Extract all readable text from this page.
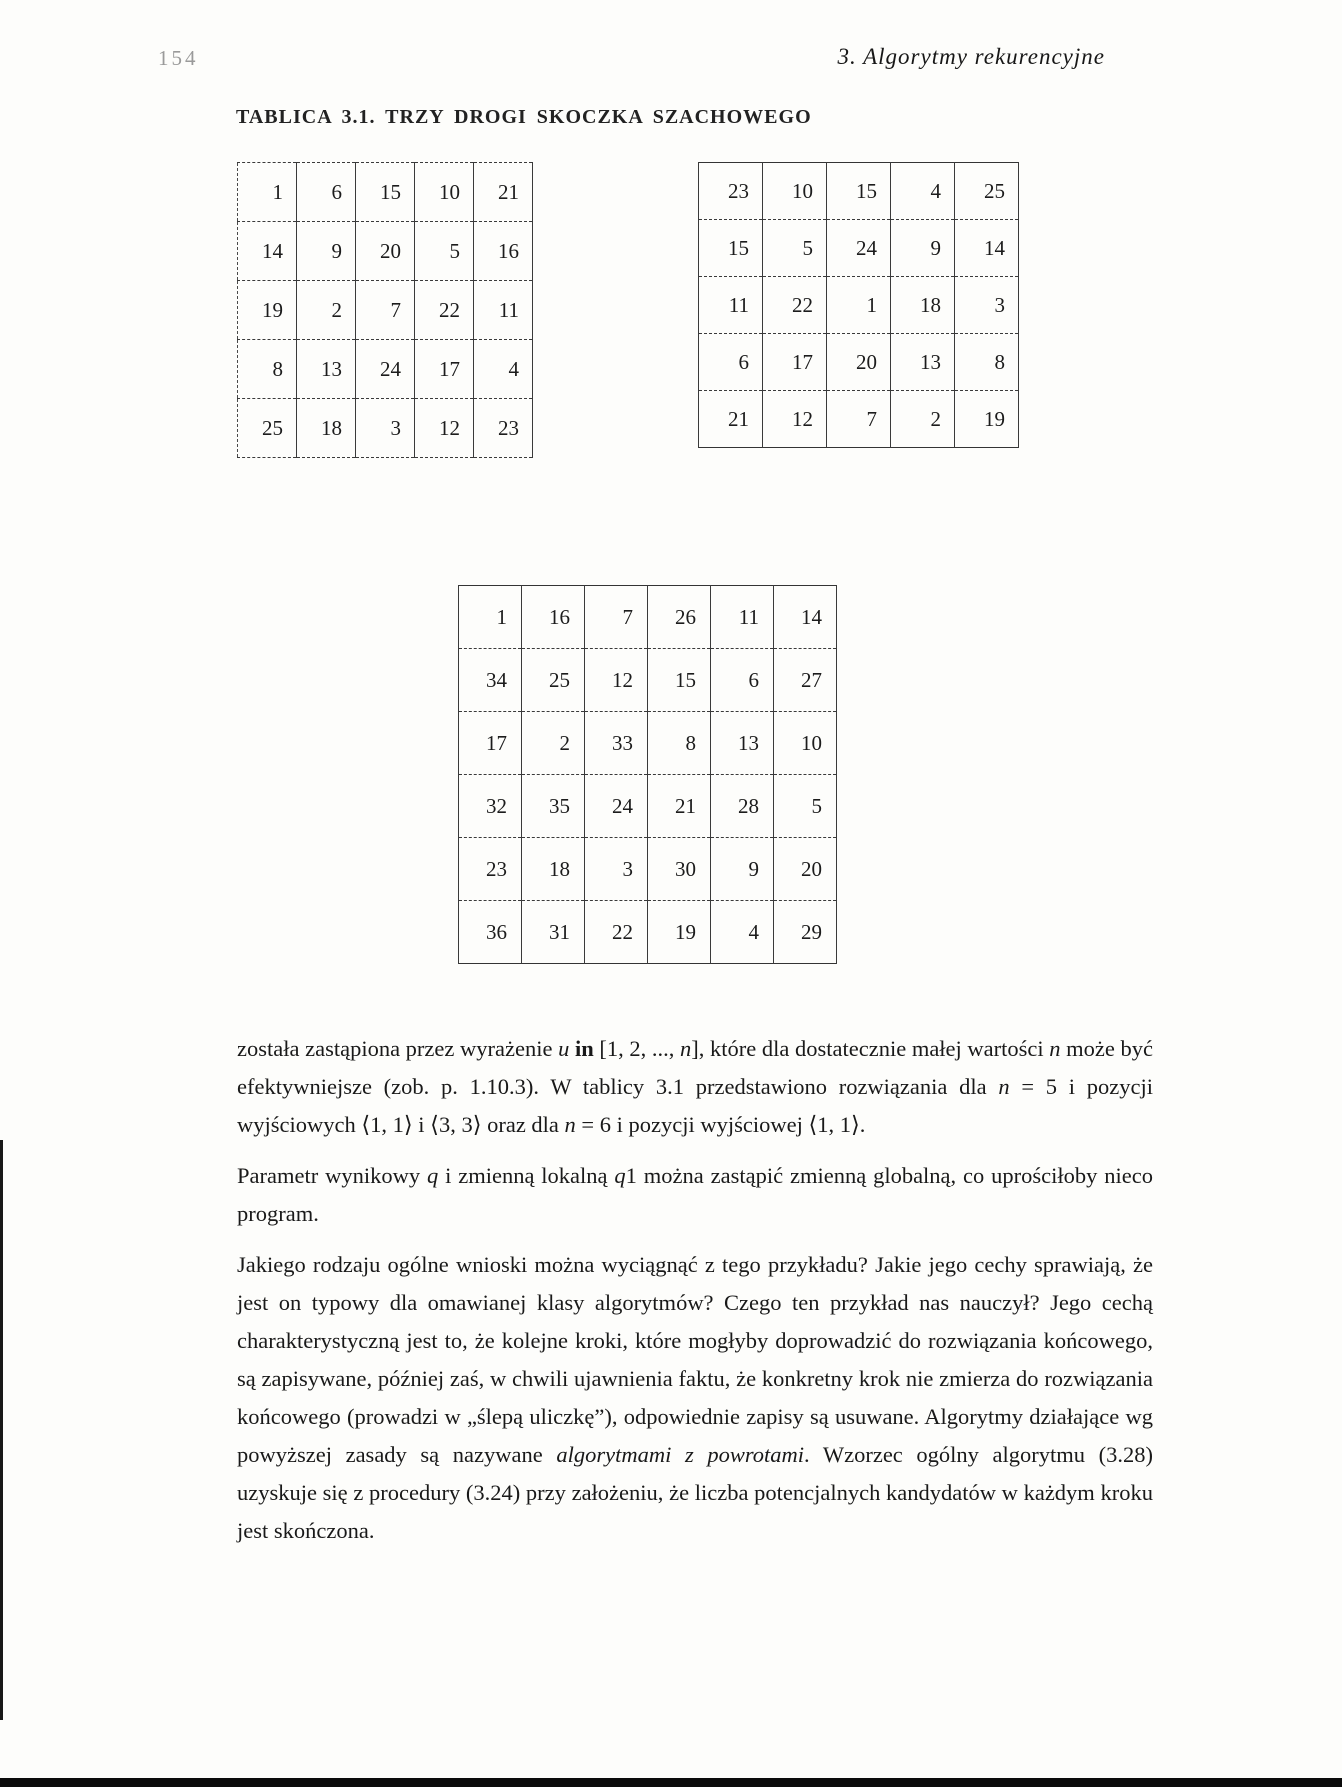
154	3. Algorytmy rekurencyjne
TABLICA 3.1. TRZY DROGI SKOCZKA SZACHOWEGO
1	6	15	10	21
14	9	20	5	16
19	2	7	22	11
8	13	24	17	4
25	18	3	12	23
23	10	15	4	25
15	5	24	9	14
11	22	1	18	3
6	17	20	13	8
21	12	7	2	19
1	16	7	26	11	14
34	25	12	15	6	27
17	2	33	8	13	10
32	35	24	21	28	5
23	18	3	30	9	20
36	31	22	19	4	29

została zastąpiona przez wyrażenie u in [1, 2, ..., n], które dla dostatecznie małej wartości n może być efektywniejsze (zob. p. 1.10.3). W tablicy 3.1 przedstawiono rozwiązania dla n = 5 i pozycji wyjściowych ⟨1, 1⟩ i ⟨3, 3⟩ oraz dla n = 6 i pozycji wyjściowej ⟨1, 1⟩.

Parametr wynikowy q i zmienną lokalną q1 można zastąpić zmienną globalną, co uprościłoby nieco program.

Jakiego rodzaju ogólne wnioski można wyciągnąć z tego przykładu? Jakie jego cechy sprawiają, że jest on typowy dla omawianej klasy algorytmów? Czego ten przykład nas nauczył? Jego cechą charakterystyczną jest to, że kolejne kroki, które mogłyby doprowadzić do rozwiązania końcowego, są zapisywane, później zaś, w chwili ujawnienia faktu, że konkretny krok nie zmierza do rozwiązania końcowego (prowadzi w „ślepą uliczkę”), odpowiednie zapisy są usuwane. Algorytmy działające wg powyższej zasady są nazywane algorytmami z powrotami. Wzorzec ogólny algorytmu (3.28) uzyskuje się z procedury (3.24) przy założeniu, że liczba potencjalnych kandydatów w każdym kroku jest skończona.
